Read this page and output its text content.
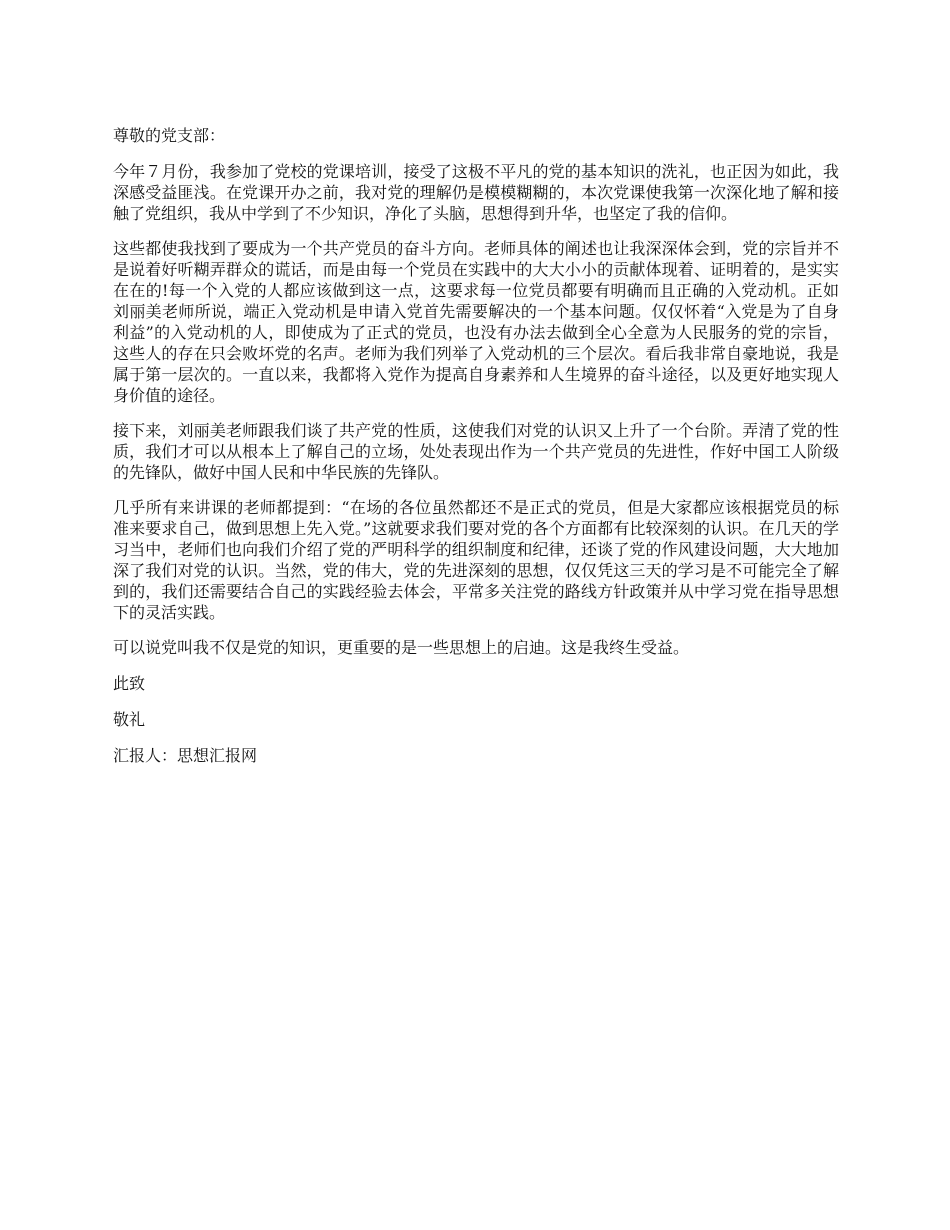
尊敬的党支部：

今年７月份，我参加了党校的党课培训，接受了这极不平凡的党的基本知识的洗礼，也正因为如此，我深感受益匪浅。在党课开办之前，我对党的理解仍是模模糊糊的，本次党课使我第一次深化地了解和接触了党组织，我从中学到了不少知识，净化了头脑，思想得到升华，也坚定了我的信仰。

这些都使我找到了要成为一个共产党员的奋斗方向。老师具体的阐述也让我深深体会到，党的宗旨并不是说着好听糊弄群众的谎话，而是由每一个党员在实践中的大大小小的贡献体现着、证明着的，是实实在在的!每一个入党的人都应该做到这一点，这要求每一位党员都要有明确而且正确的入党动机。正如刘丽美老师所说，端正入党动机是申请入党首先需要解决的一个基本问题。仅仅怀着“入党是为了自身利益”的入党动机的人，即使成为了正式的党员，也没有办法去做到全心全意为人民服务的党的宗旨，这些人的存在只会败坏党的名声。老师为我们列举了入党动机的三个层次。看后我非常自豪地说，我是属于第一层次的。一直以来，我都将入党作为提高自身素养和人生境界的奋斗途径，以及更好地实现人身价值的途径。

接下来，刘丽美老师跟我们谈了共产党的性质，这使我们对党的认识又上升了一个台阶。弄清了党的性质，我们才可以从根本上了解自己的立场，处处表现出作为一个共产党员的先进性，作好中国工人阶级的先锋队，做好中国人民和中华民族的先锋队。

几乎所有来讲课的老师都提到：“在场的各位虽然都还不是正式的党员，但是大家都应该根据党员的标准来要求自己，做到思想上先入党。”这就要求我们要对党的各个方面都有比较深刻的认识。在几天的学习当中，老师们也向我们介绍了党的严明科学的组织制度和纪律，还谈了党的作风建设问题，大大地加深了我们对党的认识。当然，党的伟大，党的先进深刻的思想，仅仅凭这三天的学习是不可能完全了解到的，我们还需要结合自己的实践经验去体会，平常多关注党的路线方针政策并从中学习党在指导思想下的灵活实践。

可以说党叫我不仅是党的知识，更重要的是一些思想上的启迪。这是我终生受益。

此致

敬礼

汇报人：思想汇报网
